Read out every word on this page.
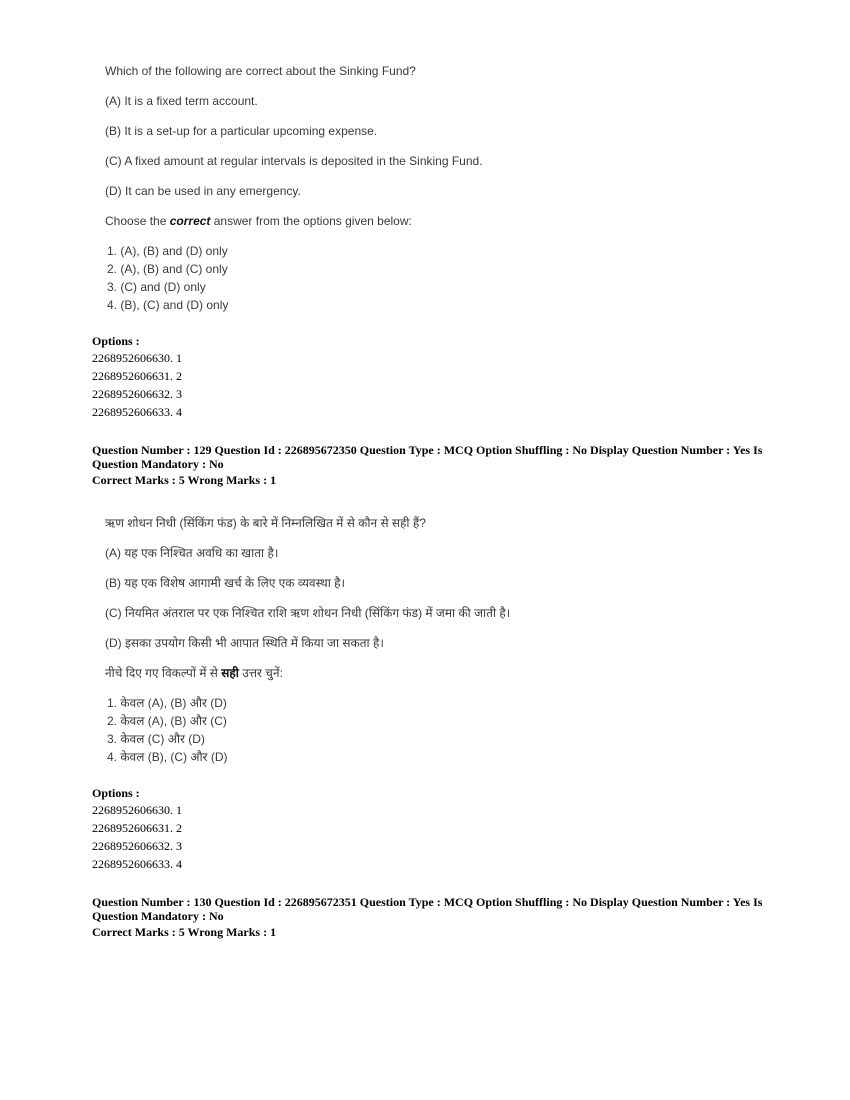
Which of the following are correct about the Sinking Fund?
(A) It is a fixed term account.
(B) It is a set-up for a particular upcoming expense.
(C) A fixed amount at regular intervals is deposited in the Sinking Fund.
(D) It can be used in any emergency.
Choose the correct answer from the options given below:
1. (A), (B) and (D) only
2. (A), (B) and (C) only
3. (C) and (D) only
4. (B), (C) and (D) only
Options :
2268952606630. 1
2268952606631. 2
2268952606632. 3
2268952606633. 4
Question Number : 129 Question Id : 226895672350 Question Type : MCQ Option Shuffling : No Display Question Number : Yes Is
Question Mandatory : No
Correct Marks : 5 Wrong Marks : 1
ऋण शोधन निधी (सिंकिंग फंड) के बारे में निम्नलिखित में से कौन से सही हैं?
(A) यह एक निश्चित अवधि का खाता है।
(B) यह एक विशेष आगामी खर्च के लिए एक व्यवस्था है।
(C) नियमित अंतराल पर एक निश्चित राशि ऋण शोधन निधी (सिंकिंग फंड) में जमा की जाती है।
(D) इसका उपयोग किसी भी आपात स्थिति में किया जा सकता है।
नीचे दिए गए विकल्पों में से सही उत्तर चुनें:
1. केवल (A), (B) और (D)
2. केवल (A), (B) और (C)
3. केवल (C) और (D)
4. केवल (B), (C) और (D)
Options :
2268952606630. 1
2268952606631. 2
2268952606632. 3
2268952606633. 4
Question Number : 130 Question Id : 226895672351 Question Type : MCQ Option Shuffling : No Display Question Number : Yes Is
Question Mandatory : No
Correct Marks : 5 Wrong Marks : 1
